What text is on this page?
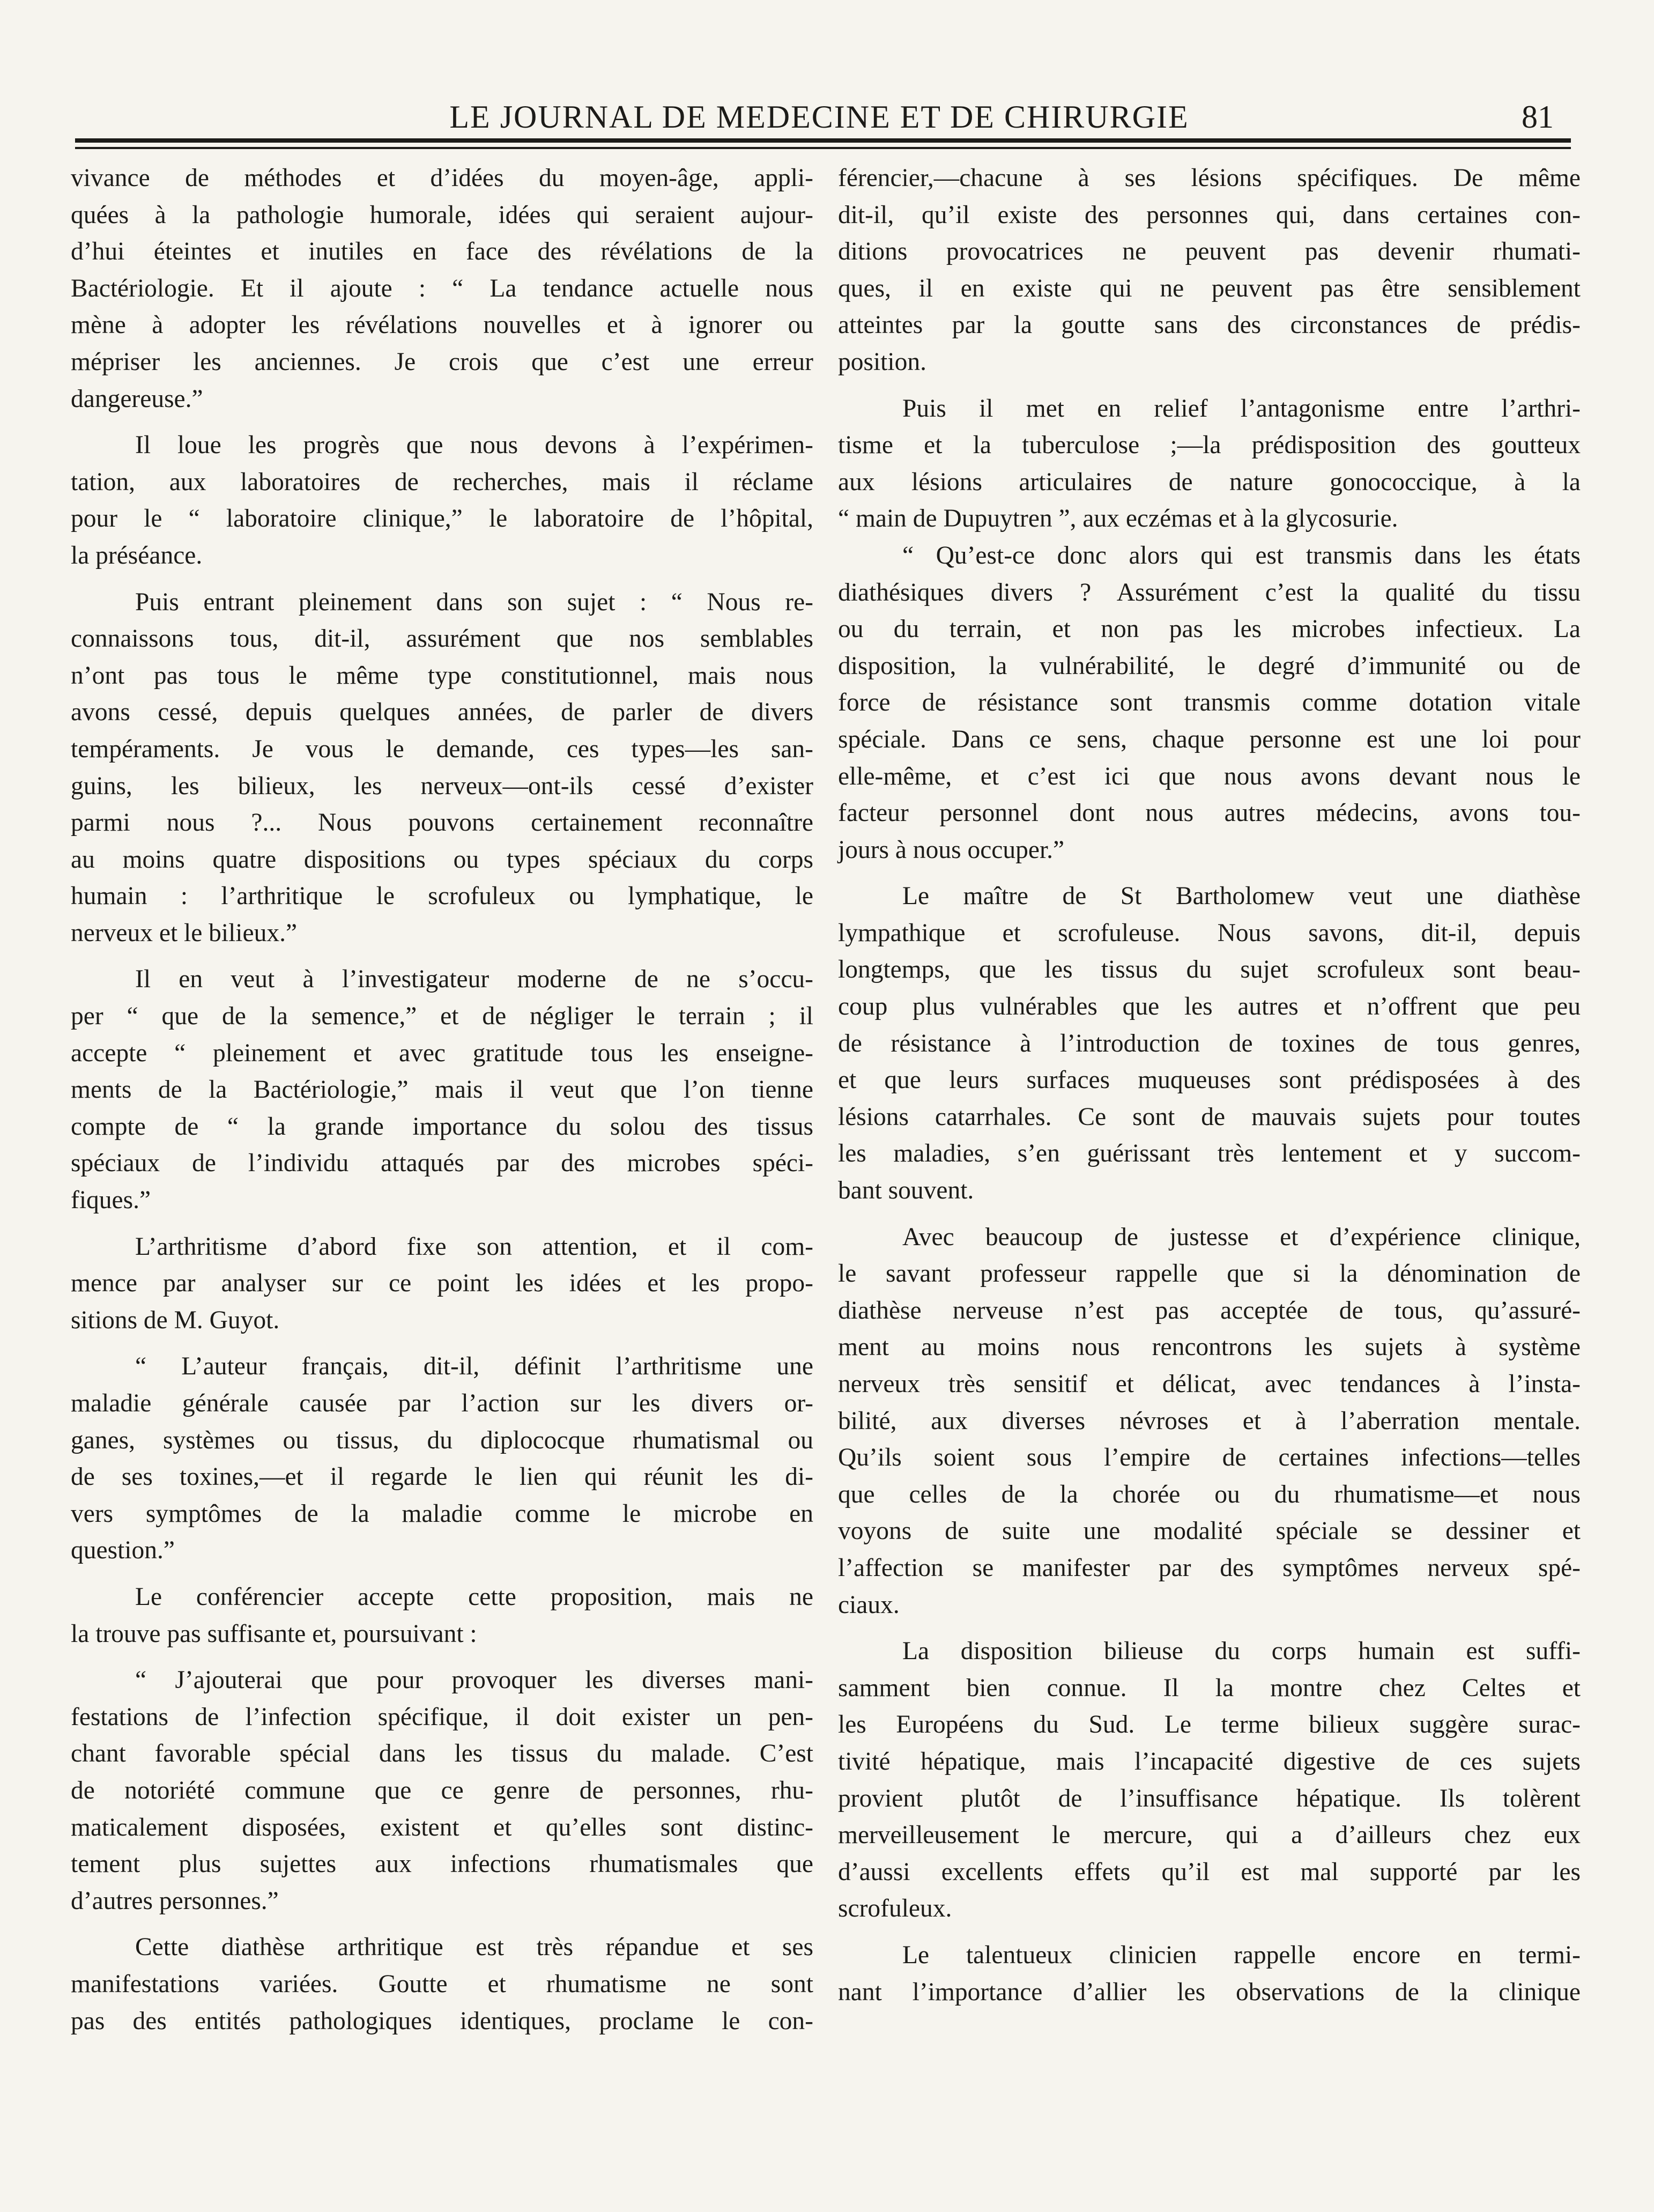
LE JOURNAL DE MEDECINE ET DE CHIRURGIE	81
vivance de méthodes et d’idées du moyen-âge, appli-
quées à la pathologie humorale, idées qui seraient aujour-
d’hui éteintes et inutiles en face des révélations de la
Bactériologie. Et il ajoute : “ La tendance actuelle nous
mène à adopter les révélations nouvelles et à ignorer ou
mépriser les anciennes. Je crois que c’est une erreur
dangereuse.”
Il loue les progrès que nous devons à l’expérimen-
tation, aux laboratoires de recherches, mais il réclame
pour le “ laboratoire clinique,” le laboratoire de l’hôpital,
la préséance.
Puis entrant pleinement dans son sujet : “ Nous re-
connaissons tous, dit-il, assurément que nos semblables
n’ont pas tous le même type constitutionnel, mais nous
avons cessé, depuis quelques années, de parler de divers
tempéraments. Je vous le demande, ces types—les san-
guins, les bilieux, les nerveux—ont-ils cessé d’exister
parmi nous ?... Nous pouvons certainement reconnaître
au moins quatre dispositions ou types spéciaux du corps
humain : l’arthritique le scrofuleux ou lymphatique, le
nerveux et le bilieux.”
Il en veut à l’investigateur moderne de ne s’occu-
per “ que de la semence,” et de négliger le terrain ; il
accepte “ pleinement et avec gratitude tous les enseigne-
ments de la Bactériologie,” mais il veut que l’on tienne
compte de “ la grande importance du solou des tissus
spéciaux de l’individu attaqués par des microbes spéci-
fiques.”
L’arthritisme d’abord fixe son attention, et il com-
mence par analyser sur ce point les idées et les propo-
sitions de M. Guyot.
“ L’auteur français, dit-il, définit l’arthritisme une
maladie générale causée par l’action sur les divers or-
ganes, systèmes ou tissus, du diplococque rhumatismal ou
de ses toxines,—et il regarde le lien qui réunit les di-
vers symptômes de la maladie comme le microbe en
question.”
Le conférencier accepte cette proposition, mais ne
la trouve pas suffisante et, poursuivant :
“ J’ajouterai que pour provoquer les diverses mani-
festations de l’infection spécifique, il doit exister un pen-
chant favorable spécial dans les tissus du malade. C’est
de notoriété commune que ce genre de personnes, rhu-
maticalement disposées, existent et qu’elles sont distinc-
tement plus sujettes aux infections rhumatismales que
d’autres personnes.”
Cette diathèse arthritique est très répandue et ses
manifestations variées. Goutte et rhumatisme ne sont
pas des entités pathologiques identiques, proclame le con-
férencier,—chacune à ses lésions spécifiques. De même
dit-il, qu’il existe des personnes qui, dans certaines con-
ditions provocatrices ne peuvent pas devenir rhumati-
ques, il en existe qui ne peuvent pas être sensiblement
atteintes par la goutte sans des circonstances de prédis-
position.
Puis il met en relief l’antagonisme entre l’arthri-
tisme et la tuberculose ;—la prédisposition des goutteux
aux lésions articulaires de nature gonococcique, à la
“ main de Dupuytren ”, aux eczémas et à la glycosurie.
“ Qu’est-ce donc alors qui est transmis dans les états
diathésiques divers ? Assurément c’est la qualité du tissu
ou du terrain, et non pas les microbes infectieux. La
disposition, la vulnérabilité, le degré d’immunité ou de
force de résistance sont transmis comme dotation vitale
spéciale. Dans ce sens, chaque personne est une loi pour
elle-même, et c’est ici que nous avons devant nous le
facteur personnel dont nous autres médecins, avons tou-
jours à nous occuper.”
Le maître de St Bartholomew veut une diathèse
lympathique et scrofuleuse. Nous savons, dit-il, depuis
longtemps, que les tissus du sujet scrofuleux sont beau-
coup plus vulnérables que les autres et n’offrent que peu
de résistance à l’introduction de toxines de tous genres,
et que leurs surfaces muqueuses sont prédisposées à des
lésions catarrhales. Ce sont de mauvais sujets pour toutes
les maladies, s’en guérissant très lentement et y succom-
bant souvent.
Avec beaucoup de justesse et d’expérience clinique,
le savant professeur rappelle que si la dénomination de
diathèse nerveuse n’est pas acceptée de tous, qu’assuré-
ment au moins nous rencontrons les sujets à système
nerveux très sensitif et délicat, avec tendances à l’insta-
bilité, aux diverses névroses et à l’aberration mentale.
Qu’ils soient sous l’empire de certaines infections—telles
que celles de la chorée ou du rhumatisme—et nous
voyons de suite une modalité spéciale se dessiner et
l’affection se manifester par des symptômes nerveux spé-
ciaux.
La disposition bilieuse du corps humain est suffi-
samment bien connue. Il la montre chez Celtes et
les Européens du Sud. Le terme bilieux suggère surac-
tivité hépatique, mais l’incapacité digestive de ces sujets
provient plutôt de l’insuffisance hépatique. Ils tolèrent
merveilleusement le mercure, qui a d’ailleurs chez eux
d’aussi excellents effets qu’il est mal supporté par les
scrofuleux.
Le talentueux clinicien rappelle encore en termi-
nant l’importance d’allier les observations de la clinique
